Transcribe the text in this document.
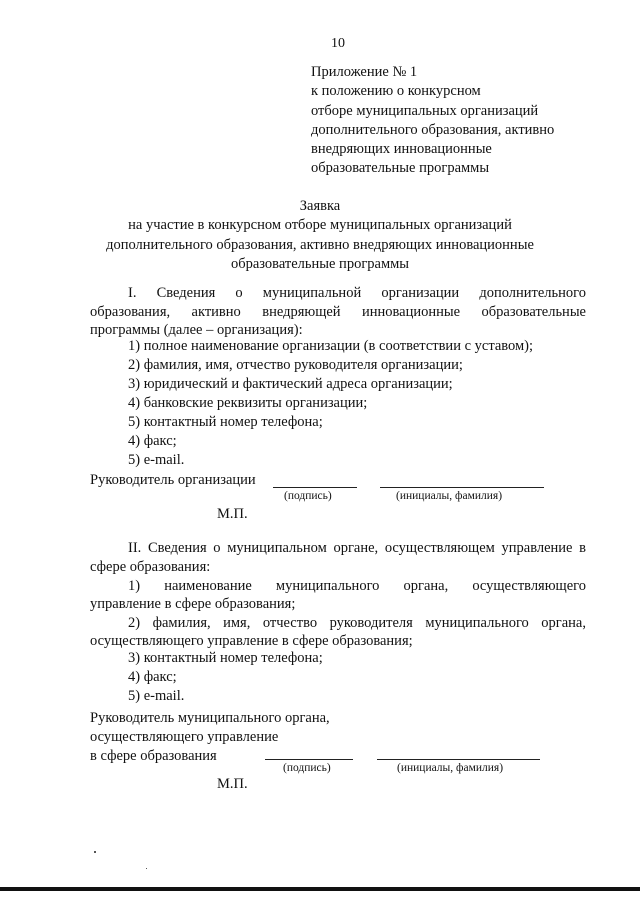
10
Приложение № 1
к положению о конкурсном
отборе муниципальных организаций
дополнительного образования, активно
внедряющих инновационные
образовательные программы
Заявка
на участие в конкурсном отборе муниципальных организаций
дополнительного образования, активно внедряющих инновационные
образовательные программы
I. Сведения о муниципальной организации дополнительного
образования, активно внедряющей инновационные образовательные
программы (далее – организация):
1) полное наименование организации (в соответствии с уставом);
2) фамилия, имя, отчество руководителя организации;
3) юридический и фактический адреса организации;
4) банковские реквизиты организации;
5) контактный номер телефона;
4) факс;
5) e-mail.
Руководитель организации
(подпись)	(инициалы, фамилия)
М.П.
II. Сведения о муниципальном органе, осуществляющем управление в
сфере образования:
1) наименование муниципального органа, осуществляющего
управление в сфере образования;
2) фамилия, имя, отчество руководителя муниципального органа,
осуществляющего управление в сфере образования;
3) контактный номер телефона;
4) факс;
5) e-mail.
Руководитель муниципального органа,
осуществляющего управление
в сфере образования
(подпись)	(инициалы, фамилия)
М.П.
